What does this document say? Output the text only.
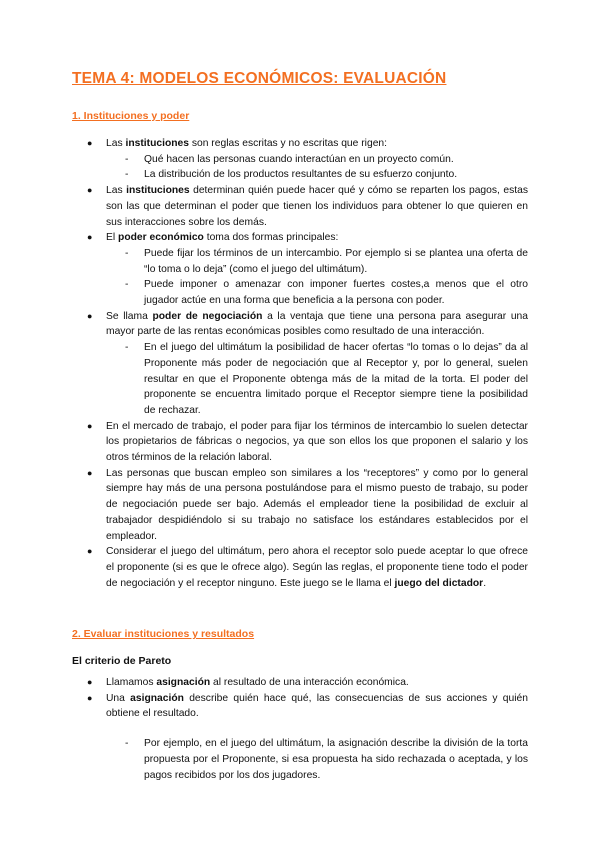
TEMA 4: MODELOS ECONÓMICOS: EVALUACIÓN
1. Instituciones y poder
● Las instituciones son reglas escritas y no escritas que rigen:
- Qué hacen las personas cuando interactúan en un proyecto común.
- La distribución de los productos resultantes de su esfuerzo conjunto.
● Las instituciones determinan quién puede hacer qué y cómo se reparten los pagos, estas son las que determinan el poder que tienen los individuos para obtener lo que quieren en sus interacciones sobre los demás.
● El poder económico toma dos formas principales:
- Puede fijar los términos de un intercambio. Por ejemplo si se plantea una oferta de “lo toma o lo deja” (como el juego del ultimátum).
- Puede imponer o amenazar con imponer fuertes costes,a menos que el otro jugador actúe en una forma que beneficia a la persona con poder.
● Se llama poder de negociación a la ventaja que tiene una persona para asegurar una mayor parte de las rentas económicas posibles como resultado de una interacción.
- En el juego del ultimátum la posibilidad de hacer ofertas “lo tomas o lo dejas” da al Proponente más poder de negociación que al Receptor y, por lo general, suelen resultar en que el Proponente obtenga más de la mitad de la torta. El poder del proponente se encuentra limitado porque el Receptor siempre tiene la posibilidad de rechazar.
● En el mercado de trabajo, el poder para fijar los términos de intercambio lo suelen detectar los propietarios de fábricas o negocios, ya que son ellos los que proponen el salario y los otros términos de la relación laboral.
● Las personas que buscan empleo son similares a los “receptores” y como por lo general siempre hay más de una persona postulándose para el mismo puesto de trabajo, su poder de negociación puede ser bajo. Además el empleador tiene la posibilidad de excluir al trabajador despidiéndolo si su trabajo no satisface los estándares establecidos por el empleador.
● Considerar el juego del ultimátum, pero ahora el receptor solo puede aceptar lo que ofrece el proponente (si es que le ofrece algo). Según las reglas, el proponente tiene todo el poder de negociación y el receptor ninguno. Este juego se le llama el juego del dictador.
2. Evaluar instituciones y resultados
El criterio de Pareto
● Llamamos asignación al resultado de una interacción económica.
● Una asignación describe quién hace qué, las consecuencias de sus acciones y quién obtiene el resultado.
- Por ejemplo, en el juego del ultimátum, la asignación describe la división de la torta propuesta por el Proponente, si esa propuesta ha sido rechazada o aceptada, y los pagos recibidos por los dos jugadores.
